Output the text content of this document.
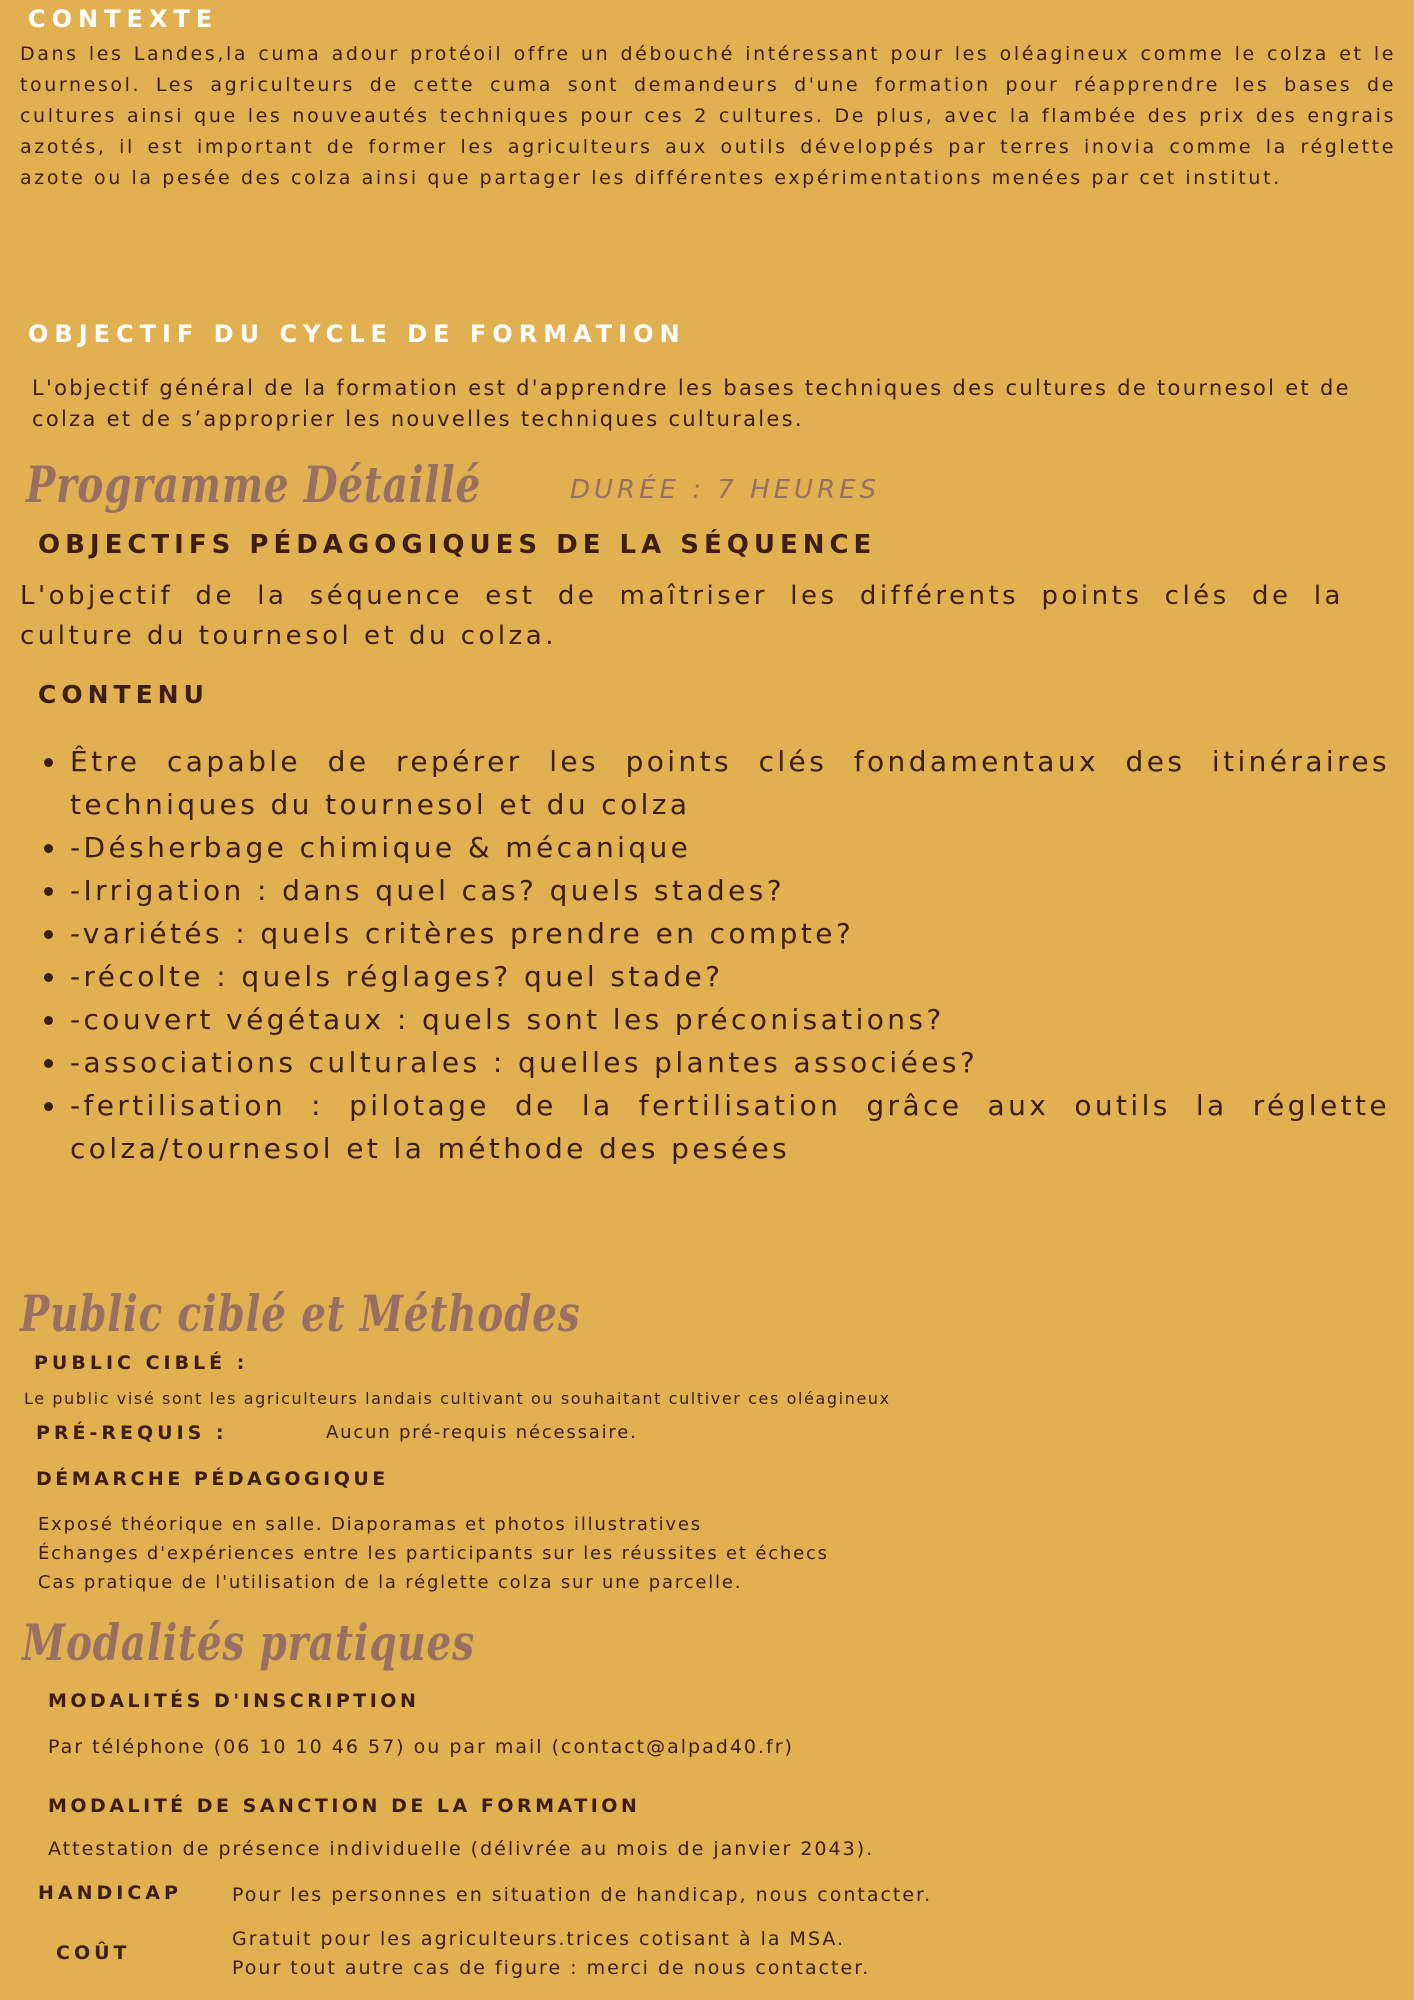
CONTEXTE

Dans les Landes,la cuma adour protéoil offre un débouché intéressant pour les oléagineux comme le colza et le tournesol. Les agriculteurs de cette cuma sont demandeurs d'une formation pour réapprendre les bases de cultures ainsi que les nouveautés techniques pour ces 2 cultures. De plus, avec la flambée des prix des engrais azotés, il est important de former les agriculteurs aux outils développés par terres inovia comme la réglette azote ou la pesée des colza ainsi que partager les différentes expérimentations menées par cet institut.

OBJECTIF DU CYCLE DE FORMATION

L'objectif général de la formation est d'apprendre les bases techniques des cultures de tournesol et de colza et de s’approprier les nouvelles techniques culturales.

Programme Détaillé	DURÉE : 7 HEURES
OBJECTIFS PÉDAGOGIQUES DE LA SÉQUENCE

L'objectif de la séquence est de maîtriser les différents points clés de la culture du tournesol et du colza.

CONTENU
• Être capable de repérer les points clés fondamentaux des itinéraires techniques du tournesol et du colza
• -Désherbage chimique & mécanique
• -Irrigation : dans quel cas? quels stades?
• -variétés : quels critères prendre en compte?
• -récolte : quels réglages? quel stade?
• -couvert végétaux : quels sont les préconisations?
• -associations culturales : quelles plantes associées?
• -fertilisation : pilotage de la fertilisation grâce aux outils la réglette colza/tournesol et la méthode des pesées
Public ciblé et Méthodes
PUBLIC CIBLÉ :

Le public visé sont les agriculteurs landais cultivant ou souhaitant cultiver ces oléagineux

PRÉ-REQUIS :	Aucun pré-requis nécessaire.

DÉMARCHE PÉDAGOGIQUE
Exposé théorique en salle. Diaporamas et photos illustratives
Échanges d'expériences entre les participants sur les réussites et échecs
Cas pratique de l'utilisation de la réglette colza sur une parcelle.
Modalités pratiques
MODALITÉS D'INSCRIPTION

Par téléphone (06 10 10 46 57) ou par mail (contact@alpad40.fr)

MODALITÉ DE SANCTION DE LA FORMATION

Attestation de présence individuelle (délivrée au mois de janvier 2043).

HANDICAP	Pour les personnes en situation de handicap, nous contacter.

COÛT
Gratuit pour les agriculteurs.trices cotisant à la MSA.
Pour tout autre cas de figure : merci de nous contacter.
